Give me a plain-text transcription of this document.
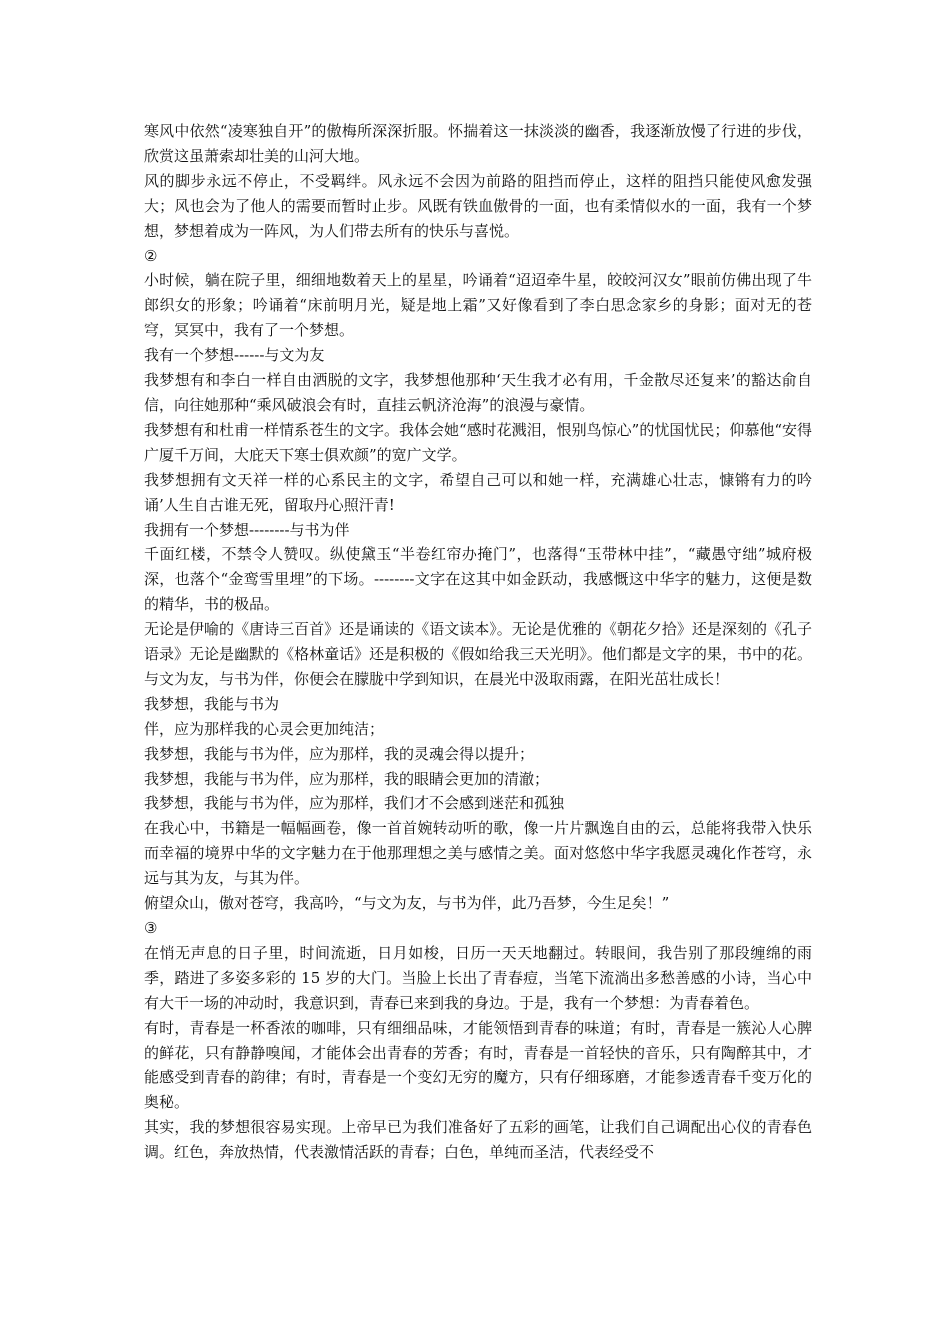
寒风中依然“凌寒独自开”的傲梅所深深折服。怀揣着这一抹淡淡的幽香，我逐渐放慢了行进的步伐，欣赏这虽萧索却壮美的山河大地。

风的脚步永远不停止，不受羁绊。风永远不会因为前路的阻挡而停止，这样的阻挡只能使风愈发强大；风也会为了他人的需要而暂时止步。风既有铁血傲骨的一面，也有柔情似水的一面，我有一个梦想，梦想着成为一阵风，为人们带去所有的快乐与喜悦。

②

小时候，躺在院子里，细细地数着天上的星星，吟诵着“迢迢牵牛星，皎皎河汉女”眼前仿佛出现了牛郎织女的形象；吟诵着“床前明月光，疑是地上霜”又好像看到了李白思念家乡的身影；面对无的苍穹，冥冥中，我有了一个梦想。

我有一个梦想------与文为友

我梦想有和李白一样自由洒脱的文字，我梦想他那种‘天生我才必有用，千金散尽还复来’的豁达俞自信，向往她那种“乘风破浪会有时，直挂云帆济沧海”的浪漫与豪情。

我梦想有和杜甫一样情系苍生的文字。我体会她“感时花溅泪，恨别鸟惊心”的忧国忧民；仰慕他“安得广厦千万间，大庇天下寒士俱欢颜”的宽广文学。

我梦想拥有文天祥一样的心系民主的文字，希望自己可以和她一样，充满雄心壮志，慷锵有力的吟诵’人生自古谁无死，留取丹心照汗青!

我拥有一个梦想--------与书为伴

千面红楼，不禁令人赞叹。纵使黛玉“半卷红帘办掩门”，也落得“玉带林中挂”，“藏愚守绌”城府极深，也落个“金鸾雪里埋”的下场。--------文字在这其中如金跃动，我感慨这中华字的魅力，这便是数的精华，书的极品。

无论是伊喻的《唐诗三百首》还是诵读的《语文读本》。无论是优雅的《朝花夕拾》还是深刻的《孔子语录》无论是幽默的《格林童话》还是积极的《假如给我三天光明》。他们都是文字的果，书中的花。与文为友，与书为伴，你便会在朦胧中学到知识，在晨光中汲取雨露，在阳光茁壮成长！

我梦想，我能与书为

伴，应为那样我的心灵会更加纯洁；

我梦想，我能与书为伴，应为那样，我的灵魂会得以提升；

我梦想，我能与书为伴，应为那样，我的眼睛会更加的清澈；

我梦想，我能与书为伴，应为那样，我们才不会感到迷茫和孤独

在我心中，书籍是一幅幅画卷，像一首首婉转动听的歌，像一片片飘逸自由的云，总能将我带入快乐而幸福的境界中华的文字魅力在于他那理想之美与感情之美。面对悠悠中华字我愿灵魂化作苍穹，永远与其为友，与其为伴。

俯望众山，傲对苍穹，我高吟，“与文为友，与书为伴，此乃吾梦，今生足矣！”

③

在悄无声息的日子里，时间流逝，日月如梭，日历一天天地翻过。转眼间，我告别了那段缠绵的雨季，踏进了多姿多彩的 15 岁的大门。当脸上长出了青春痘，当笔下流淌出多愁善感的小诗，当心中有大干一场的冲动时，我意识到，青春已来到我的身边。于是，我有一个梦想：为青春着色。

有时，青春是一杯香浓的咖啡，只有细细品味，才能领悟到青春的味道；有时，青春是一簇沁人心脾的鲜花，只有静静嗅闻，才能体会出青春的芳香；有时，青春是一首轻快的音乐，只有陶醉其中，才能感受到青春的韵律；有时，青春是一个变幻无穷的魔方，只有仔细琢磨，才能参透青春千变万化的奥秘。

其实，我的梦想很容易实现。上帝早已为我们准备好了五彩的画笔，让我们自己调配出心仪的青春色调。红色，奔放热情，代表激情活跃的青春；白色，单纯而圣洁，代表经受不
